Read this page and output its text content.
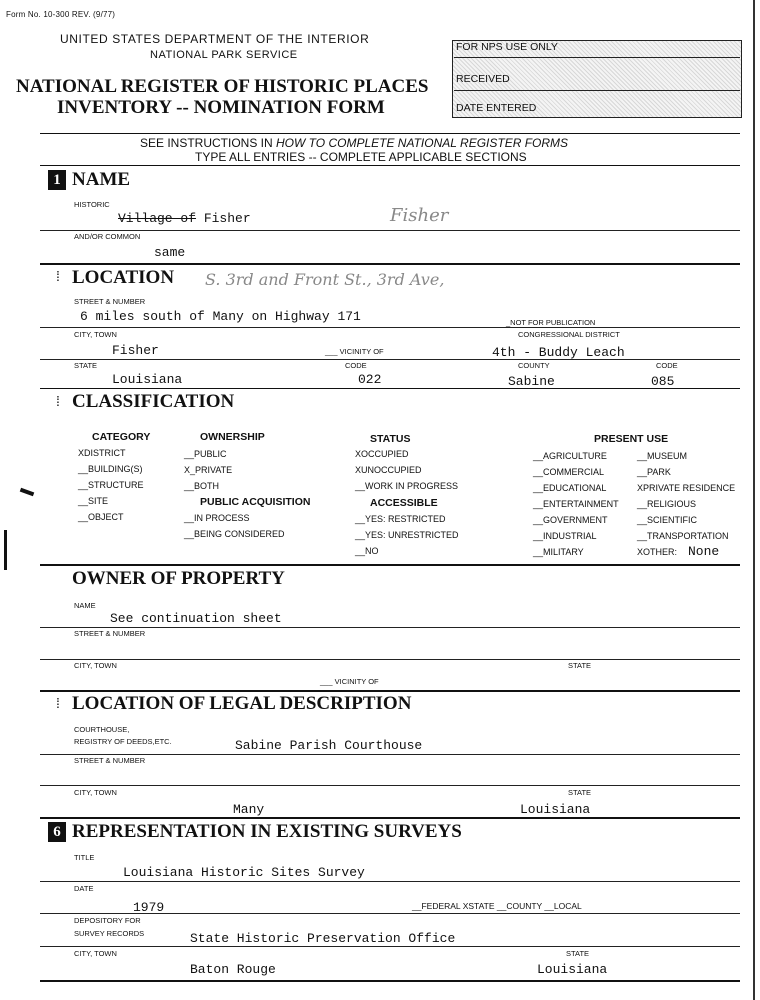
Form No. 10-300 REV. (9/77)
UNITED STATES DEPARTMENT OF THE INTERIOR
NATIONAL PARK SERVICE
NATIONAL REGISTER OF HISTORIC PLACES
INVENTORY -- NOMINATION FORM
FOR NPS USE ONLY
RECEIVED
DATE ENTERED
SEE INSTRUCTIONS IN HOW TO COMPLETE NATIONAL REGISTER FORMS
TYPE ALL ENTRIES -- COMPLETE APPLICABLE SECTIONS
1 NAME
HISTORIC
Village of Fisher	Fisher
AND/OR COMMON
same
⁞ LOCATION S. 3rd and Front St., 3rd Ave,
STREET & NUMBER
6 miles south of Many on Highway 171	_NOT FOR PUBLICATION
CITY, TOWN	CONGRESSIONAL DISTRICT
Fisher	___ VICINITY OF	4th - Buddy Leach
STATE	CODE	COUNTY	CODE
Louisiana	022	Sabine	085
⁞ CLASSIFICATION
CATEGORY
XDISTRICT
__BUILDING(S)
__STRUCTURE
__SITE
__OBJECT
OWNERSHIP
__PUBLIC
X_PRIVATE
__BOTH
PUBLIC ACQUISITION
__IN PROCESS
__BEING CONSIDERED
STATUS
XOCCUPIED
XUNOCCUPIED
__WORK IN PROGRESS
ACCESSIBLE
__YES: RESTRICTED
__YES: UNRESTRICTED
__NO
PRESENT USE
__AGRICULTURE
__COMMERCIAL
__EDUCATIONAL
__ENTERTAINMENT
__GOVERNMENT
__INDUSTRIAL
__MILITARY
__MUSEUM
__PARK
XPRIVATE RESIDENCE
__RELIGIOUS
__SCIENTIFIC
__TRANSPORTATION
XOTHER: None
OWNER OF PROPERTY
NAME
See continuation sheet
STREET & NUMBER
CITY, TOWN	STATE
___ VICINITY OF
⁞ LOCATION OF LEGAL DESCRIPTION
COURTHOUSE,
REGISTRY OF DEEDS,ETC.	Sabine Parish Courthouse
STREET & NUMBER
CITY, TOWN	STATE
Many	Louisiana
6 REPRESENTATION IN EXISTING SURVEYS
TITLE
Louisiana Historic Sites Survey
DATE
1979	__FEDERAL XSTATE __COUNTY __LOCAL
DEPOSITORY FOR
SURVEY RECORDS	State Historic Preservation Office
CITY, TOWN	STATE
Baton Rouge	Louisiana
